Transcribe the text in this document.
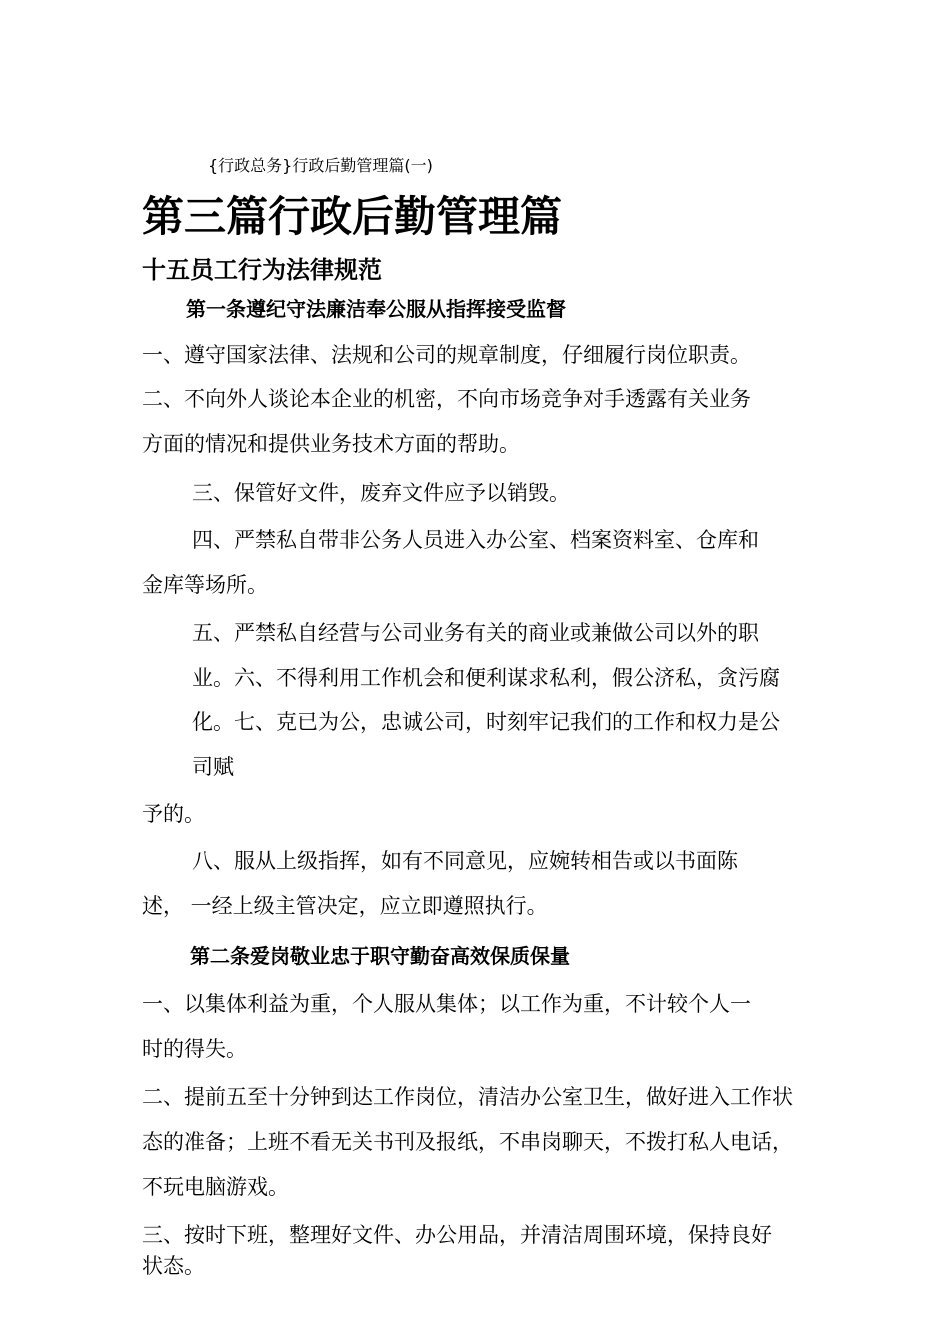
{行政总务}行政后勤管理篇(一)
第三篇行政后勤管理篇
十五员工行为法律规范
第一条遵纪守法廉洁奉公服从指挥接受监督
一、遵守国家法律、法规和公司的规章制度，仔细履行岗位职责。
二、不向外人谈论本企业的机密，不向市场竞争对手透露有关业务
方面的情况和提供业务技术方面的帮助。
三、保管好文件，废弃文件应予以销毁。
四、严禁私自带非公务人员进入办公室、档案资料室、仓库和
金库等场所。
五、严禁私自经营与公司业务有关的商业或兼做公司以外的职
业。六、不得利用工作机会和便利谋求私利，假公济私，贪污腐
化。七、克已为公，忠诚公司，时刻牢记我们的工作和权力是公
司赋
予的。
八、服从上级指挥，如有不同意见，应婉转相告或以书面陈
述， 一经上级主管决定，应立即遵照执行。
第二条爱岗敬业忠于职守勤奋高效保质保量
一、以集体利益为重，个人服从集体；以工作为重，不计较个人一
时的得失。
二、提前五至十分钟到达工作岗位，清洁办公室卫生，做好进入工作状
态的准备；上班不看无关书刊及报纸，不串岗聊天，不拨打私人电话，
不玩电脑游戏。
三、按时下班，整理好文件、办公用品，并清洁周围环境，保持良好
状态。
